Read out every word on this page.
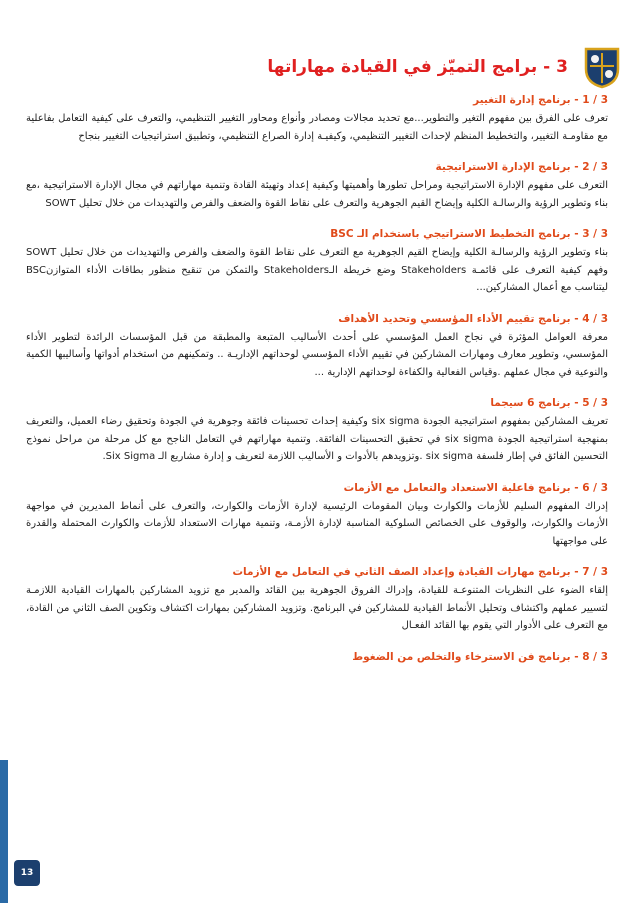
3 - برامج التميّز في القيادة مهاراتها

3 / 1 - برنامج إدارة التغيير

تعرف على الفرق بين مفهوم التغير والتطوير...مع تحديد مجالات ومصادر وأنواع ومحاور التغيير التنظيمي، والتعرف على كيفية التعامل بفاعلية مع مقاومـة التغيير، والتخطيط المنظم لإحداث التغيير التنظيمي، وكيفيـة إدارة الصراع التنظيمي، وتطبيق استراتيجيات التغيير بنجاح

3 / 2 - برنامج الإدارة الاستراتيجية

التعرف على مفهوم الإدارة الاستراتيجية ومراحل تطورها وأهميتها وكيفية إعداد وتهيئة القادة وتنمية مهاراتهم في مجال الإدارة الاستراتيجية ،مع بناء وتطوير الرؤية والرسالـة الكلية وإيضاح القيم الجوهرية والتعرف على نقاط القوة والضعف والفرص والتهديدات من خلال تحليل SOWT

3 / 3 - برنامج التخطيط الاستراتيجي باستخدام الـ BSC

بناء وتطوير الرؤية والرسالـة الكلية وإيضاح القيم الجوهرية مع التعرف على نقاط القوة والضعف والفرص والتهديدات من خلال تحليل SOWT وفهم كيفية التعرف على قائمـة Stakeholders وضع خريطة الـStakeholders والتمكن من تنقيح منظور بطاقات الأداء المتوازنBSC ليتناسب مع أعمال المشاركين...

3 / 4 - برنامج تقييم الأداء المؤسسي وتحديد الأهداف

معرفة العوامل المؤثرة في نجاح العمل المؤسسي على أحدث الأساليب المتبعة والمطبقة من قبل المؤسسات الرائدة لتطوير الأداء المؤسسي، وتطوير معارف ومهارات المشاركين في تقييم الأداء المؤسسي لوحداتهم الإداريـة .. وتمكينهم من استخدام أدواتها وأساليبها الكمية والنوعية في مجال عملهم .وقياس الفعالية والكفاءة لوحداتهم الإدارية ...

3 / 5 - برنامج 6 سيجما

تعريف المشاركين بمفهوم استراتيجية الجودة six sigma وكيفية إحداث تحسينات فائقة وجوهرية في الجودة وتحقيق رضاء العميل، والتعريف بمنهجية استراتيجية الجودة six sigma في تحقيق التحسينات الفائقة. وتنمية مهاراتهم في التعامل الناجح مع كل مرحلة من مراحل نموذج التحسين الفائق في إطار فلسفة six sigma .وتزويدهم بالأدوات و الأساليب اللازمة لتعريف و إدارة مشاريع الـ Six Sigma.

3 / 6 - برنامج فاعلية الاستعداد والتعامل مع الأزمات

إدراك المفهوم السليم للأزمات والكوارث وبيان المقومات الرئيسية لإدارة الأزمات والكوارث، والتعرف على أنماط المديرين في مواجهة الأزمات والكوارث، والوقوف على الخصائص السلوكية المناسبة لإدارة الأزمـة، وتنمية مهارات الاستعداد للأزمات والكوارث المحتملة والقدرة على مواجهتها

3 / 7 - برنامج مهارات القيادة وإعداد الصف الثاني في التعامل مع الأزمات

إلقاء الضوء على النظريات المتنوعـة للقيادة، وإدراك الفروق الجوهرية بين القائد والمدير مع تزويد المشاركين بالمهارات القيادية اللازمـة لتسيير عملهم واكتشاف وتحليل الأنماط القيادية للمشاركين في البرنامج. وتزويد المشاركين بمهارات اكتشاف وتكوين الصف الثاني من القادة، مع التعرف على الأدوار التي يقوم بها القائد الفعـال

3 / 8 - برنامج فن الاسترخاء والتخلص من الضغوط

13
